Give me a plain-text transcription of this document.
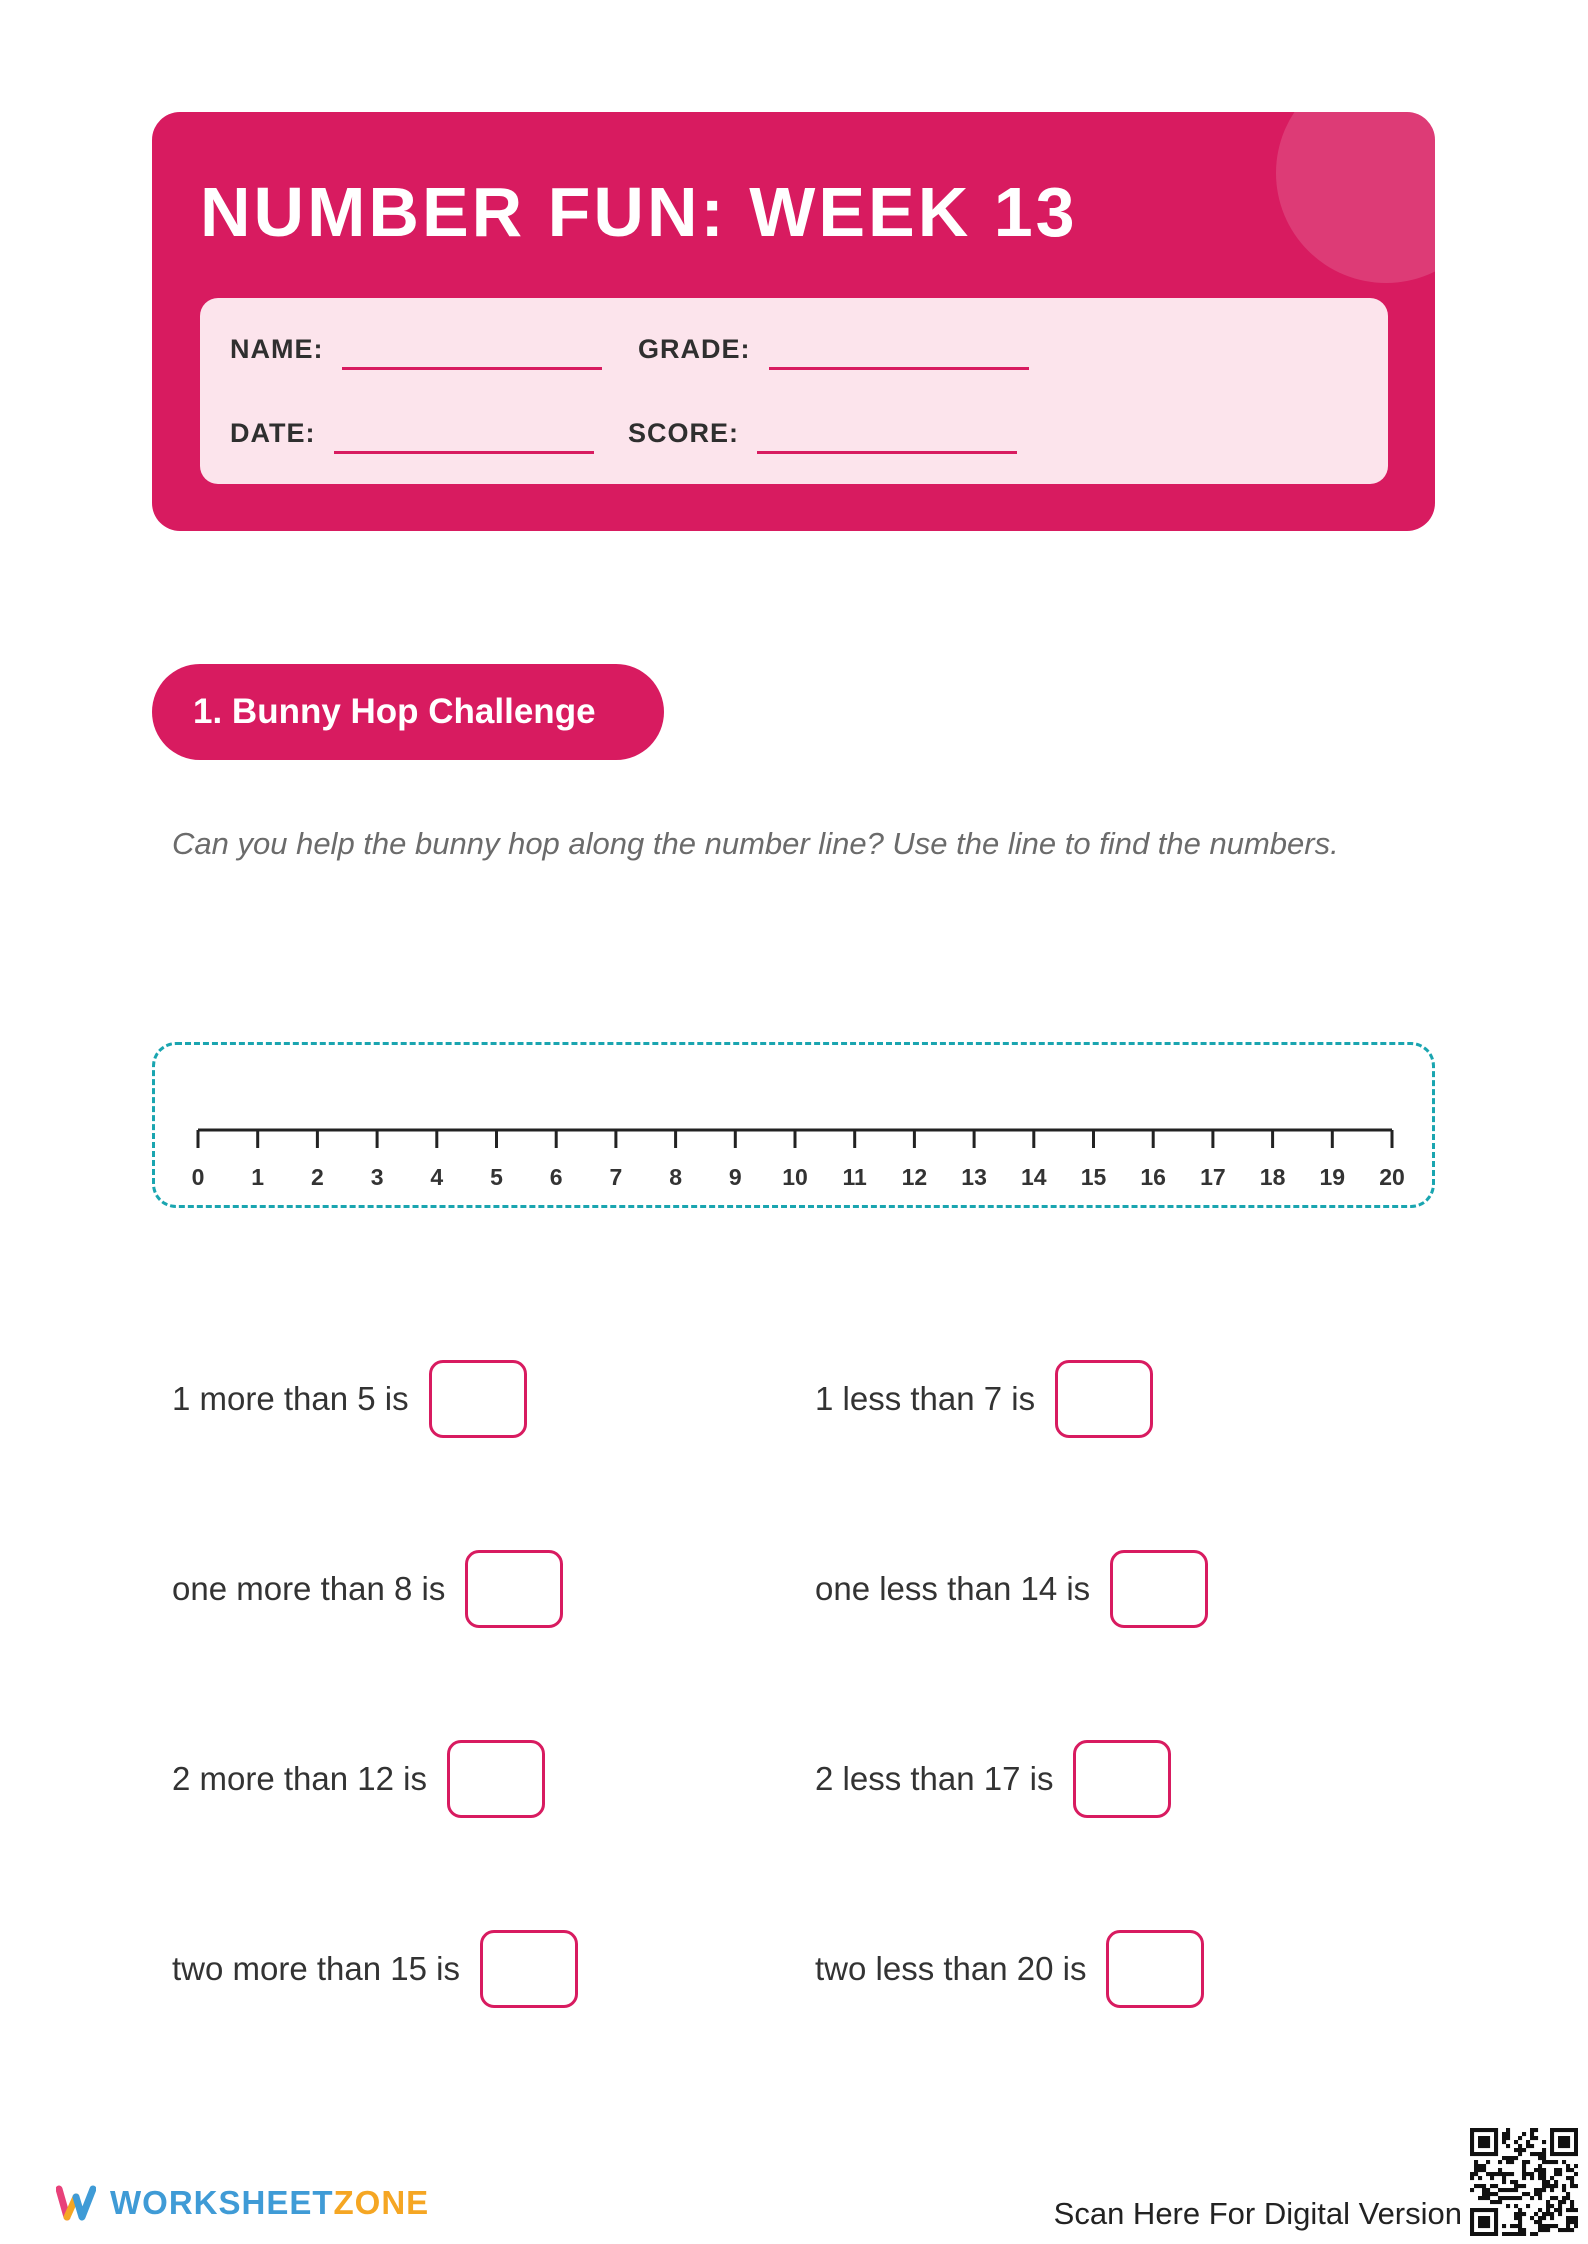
NUMBER FUN: WEEK 13
NAME:	GRADE:
DATE:	SCORE:
1. Bunny Hop Challenge
Can you help the bunny hop along the number line? Use the line to find the numbers.
0 1 2 3 4 5 6 7 8 9 10 11 12 13 14 15 16 17 18 19 20
1 more than 5 is	1 less than 7 is
one more than 8 is	one less than 14 is
2 more than 12 is	2 less than 17 is
two more than 15 is	two less than 20 is
WORKSHEETZONE	Scan Here For Digital Version
